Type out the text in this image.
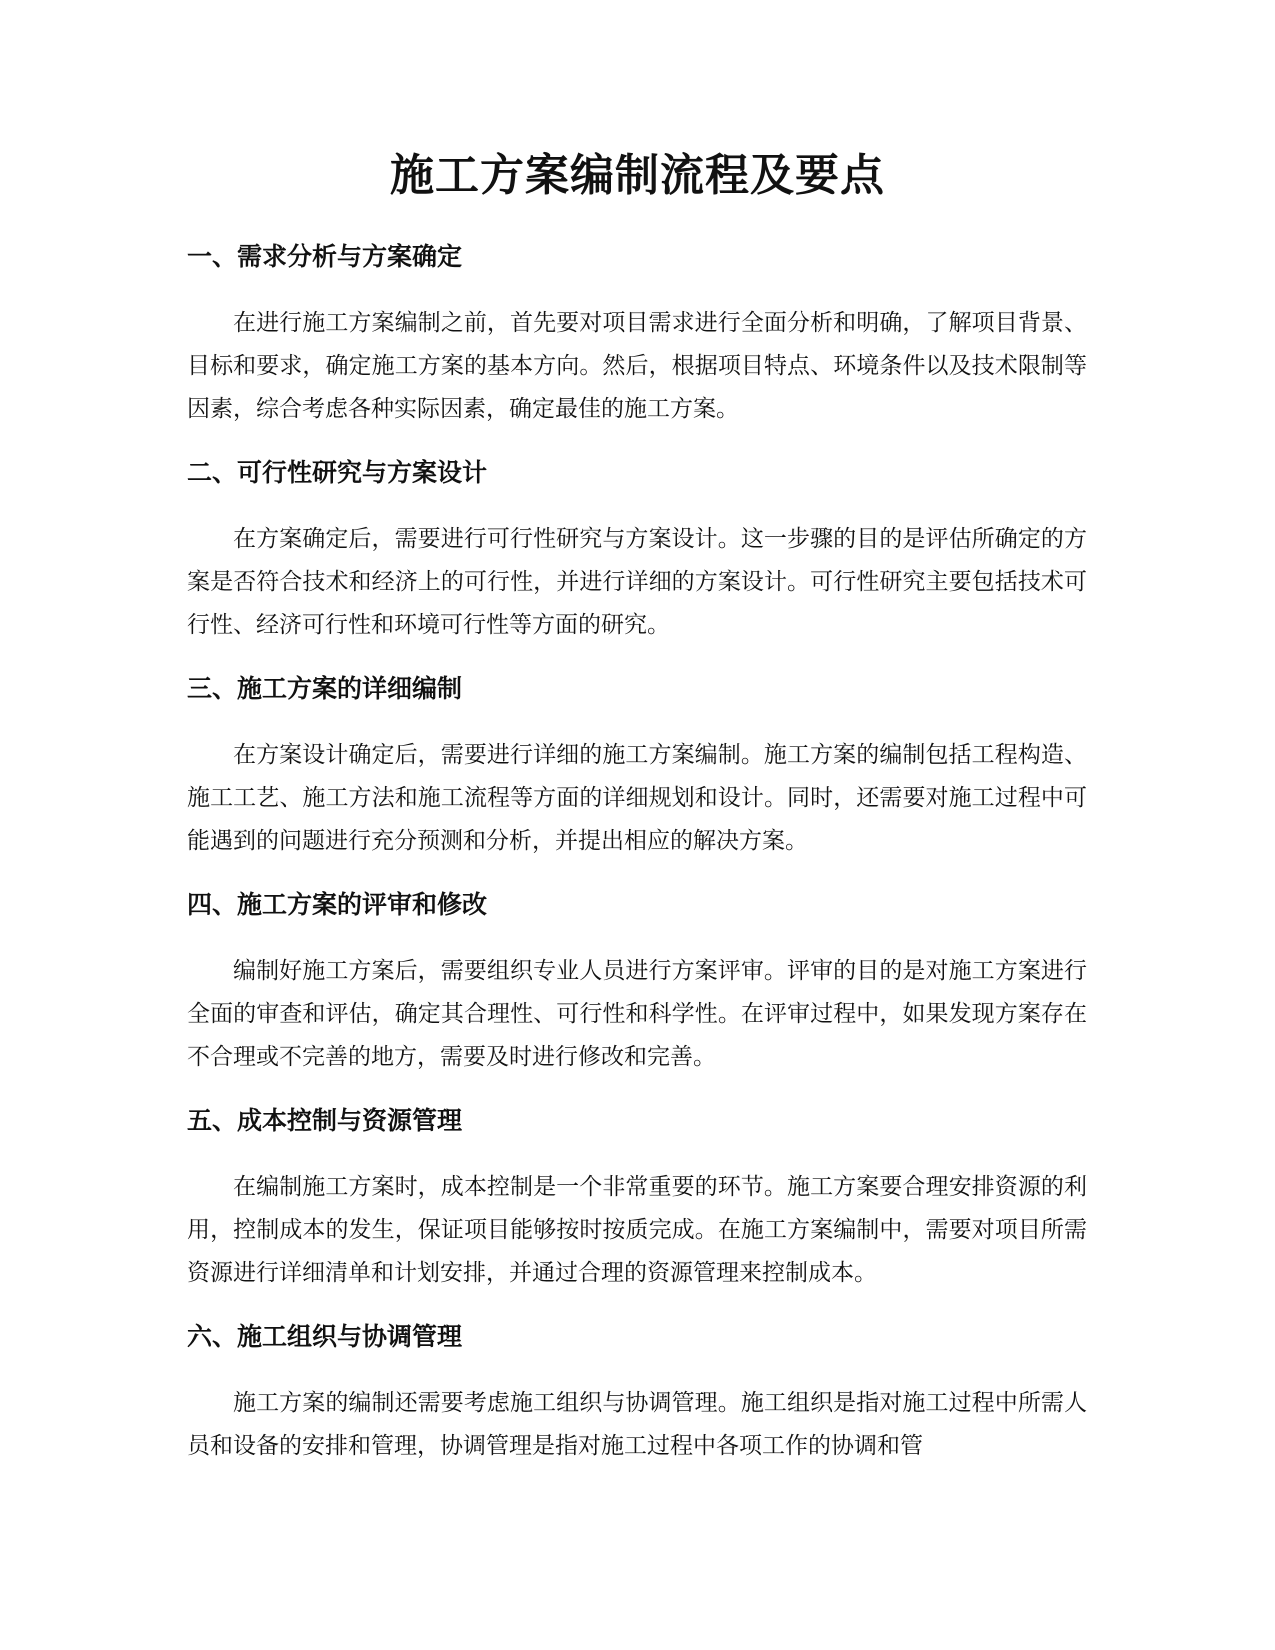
施工方案编制流程及要点
一、需求分析与方案确定

在进行施工方案编制之前，首先要对项目需求进行全面分析和明确，了解项目背景、目标和要求，确定施工方案的基本方向。然后，根据项目特点、环境条件以及技术限制等因素，综合考虑各种实际因素，确定最佳的施工方案。

二、可行性研究与方案设计

在方案确定后，需要进行可行性研究与方案设计。这一步骤的目的是评估所确定的方案是否符合技术和经济上的可行性，并进行详细的方案设计。可行性研究主要包括技术可行性、经济可行性和环境可行性等方面的研究。

三、施工方案的详细编制

在方案设计确定后，需要进行详细的施工方案编制。施工方案的编制包括工程构造、施工工艺、施工方法和施工流程等方面的详细规划和设计。同时，还需要对施工过程中可能遇到的问题进行充分预测和分析，并提出相应的解决方案。

四、施工方案的评审和修改

编制好施工方案后，需要组织专业人员进行方案评审。评审的目的是对施工方案进行全面的审查和评估，确定其合理性、可行性和科学性。在评审过程中，如果发现方案存在不合理或不完善的地方，需要及时进行修改和完善。

五、成本控制与资源管理

在编制施工方案时，成本控制是一个非常重要的环节。施工方案要合理安排资源的利用，控制成本的发生，保证项目能够按时按质完成。在施工方案编制中，需要对项目所需资源进行详细清单和计划安排，并通过合理的资源管理来控制成本。

六、施工组织与协调管理

施工方案的编制还需要考虑施工组织与协调管理。施工组织是指对施工过程中所需人员和设备的安排和管理，协调管理是指对施工过程中各项工作的协调和管
